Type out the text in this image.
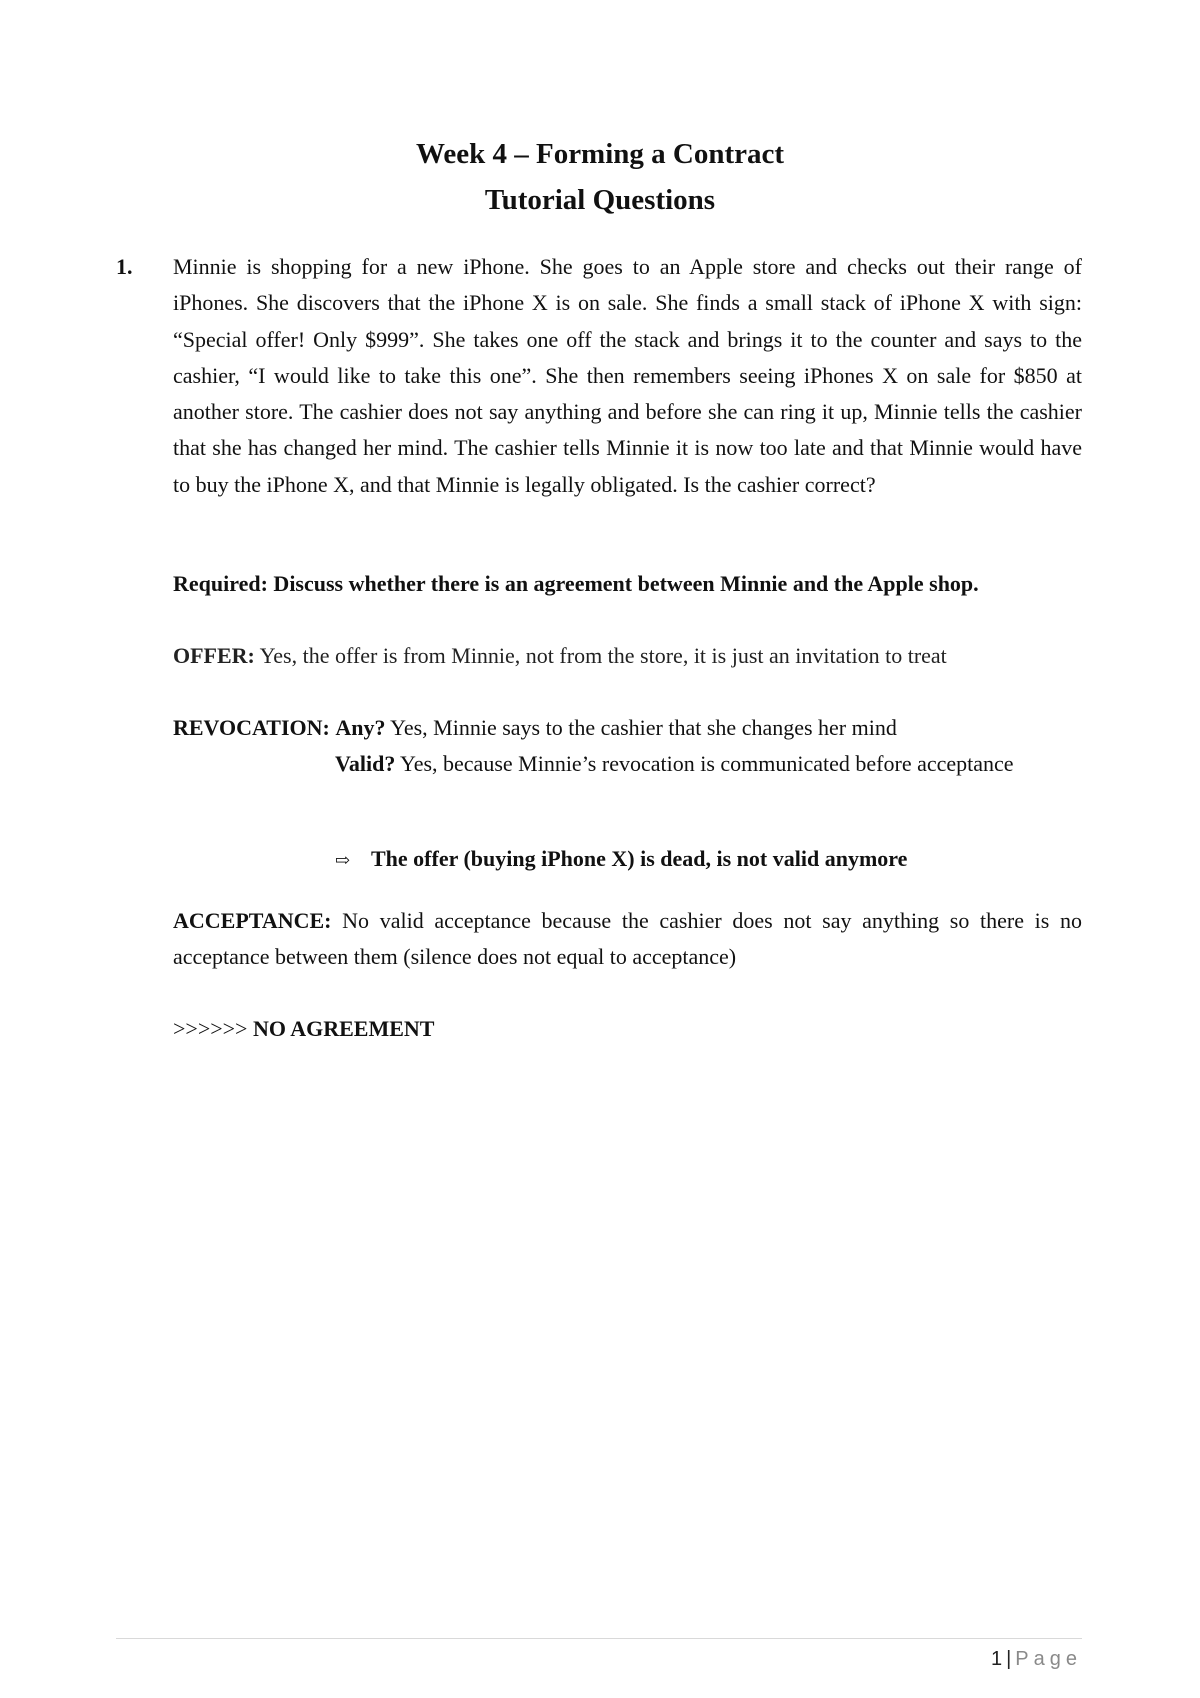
Week 4 – Forming a Contract
Tutorial Questions
1. Minnie is shopping for a new iPhone. She goes to an Apple store and checks out their range of iPhones. She discovers that the iPhone X is on sale. She finds a small stack of iPhone X with sign: “Special offer! Only $999”. She takes one off the stack and brings it to the counter and says to the cashier, “I would like to take this one”. She then remembers seeing iPhones X on sale for $850 at another store. The cashier does not say anything and before she can ring it up, Minnie tells the cashier that she has changed her mind. The cashier tells Minnie it is now too late and that Minnie would have to buy the iPhone X, and that Minnie is legally obligated. Is the cashier correct?

Required: Discuss whether there is an agreement between Minnie and the Apple shop.

OFFER: Yes, the offer is from Minnie, not from the store, it is just an invitation to treat

REVOCATION: Any? Yes, Minnie says to the cashier that she changes her mind

Valid? Yes, because Minnie’s revocation is communicated before acceptance

⇨ The offer (buying iPhone X) is dead, is not valid anymore

ACCEPTANCE: No valid acceptance because the cashier does not say anything so there is no acceptance between them (silence does not equal to acceptance)

>>>>>> NO AGREEMENT

1 | Page
